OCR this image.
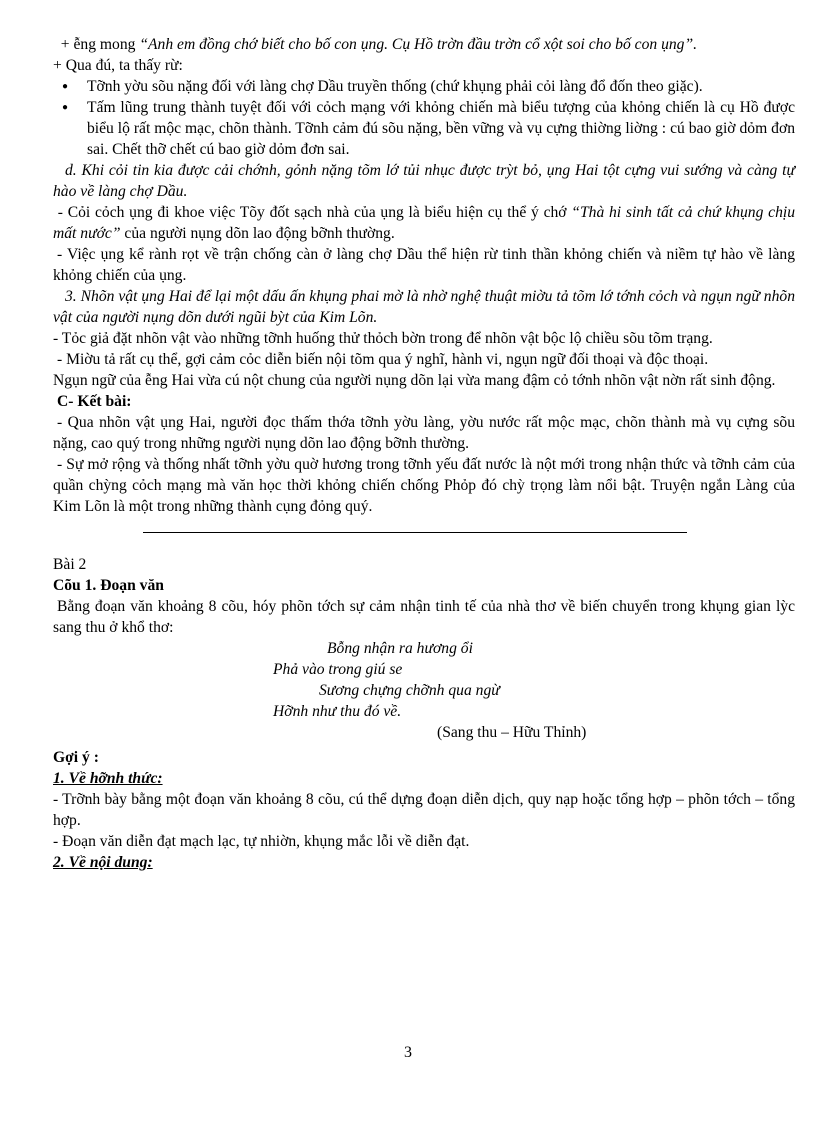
+ ễng mong “Anh em đồng chớ biết cho bố con ụng. Cụ Hồ trờn đầu trờn cổ xột soi cho bố con ụng”.

+ Qua đú, ta thấy rừ:

● Tỡnh yờu sõu nặng đối với làng chợ Dầu truyền thống (chứ khụng phải cỏi làng đổ đốn theo giặc).
● Tấm lũng trung thành tuyệt đối với cỏch mạng với khỏng chiến mà biểu tượng của khỏng chiến là cụ Hồ được biểu lộ rất mộc mạc, chõn thành. Tỡnh cảm đú sõu nặng, bền vững và vụ cựng thiờng liờng : cú bao giờ dỏm đơn sai. Chết thỡ chết cú bao giờ dỏm đơn sai.

d. Khi cỏi tin kia được cải chớnh, gỏnh nặng tõm lớ tủi nhục được trỳt bỏ, ụng Hai tột cựng vui sướng và càng tự hào về làng chợ Dầu.

- Cỏi cỏch ụng đi khoe việc Tõy đốt sạch nhà của ụng là biểu hiện cụ thể ý chớ “Thà hi sinh tất cả chứ khụng chịu mất nước” của người nụng dõn lao động bỡnh thường.

- Việc ụng kể rành rọt về trận chống càn ở làng chợ Dầu thể hiện rừ tinh thần khỏng chiến và niềm tự hào về làng khỏng chiến của ụng.

3. Nhõn vật ụng Hai để lại một dấu ấn khụng phai mờ là nhờ nghệ thuật miờu tả tõm lớ tớnh cỏch và ngụn ngữ nhõn vật của người nụng dõn dưới ngũi bỳt của Kim Lõn.

- Tỏc giả đặt nhõn vật vào những tỡnh huống thử thỏch bờn trong để nhõn vật bộc lộ chiều sõu tõm trạng.

- Miờu tả rất cụ thể, gợi cảm cỏc diễn biến nội tõm qua ý nghĩ, hành vi, ngụn ngữ đối thoại và độc thoại.

Ngụn ngữ của ễng Hai vừa cú nột chung của người nụng dõn lại vừa mang đậm cỏ tớnh nhõn vật nờn rất sinh động.

C- Kết bài:

- Qua nhõn vật ụng Hai, người đọc thấm thớa tỡnh yờu làng, yờu nước rất mộc mạc, chõn thành mà vụ cựng sõu nặng, cao quý trong những người nụng dõn lao động bỡnh thường.

- Sự mở rộng và thống nhất tỡnh yờu quờ hương trong tỡnh yếu đất nước là nột mới trong nhận thức và tỡnh cảm của quần chỳng cỏch mạng mà văn học thời khỏng chiến chống Phỏp đó chỳ trọng làm nổi bật. Truyện ngắn Làng của Kim Lõn là một trong những thành cụng đỏng quý.

Bài 2

Cõu 1. Đoạn văn

Bằng đoạn văn khoảng 8 cõu, hóy phõn tớch sự cảm nhận tinh tế của nhà thơ về biến chuyển trong khụng gian lỳc sang thu ở khổ thơ:

Bỗng nhận ra hương ổi
Phả vào trong giú se
Sương chựng chỡnh qua ngừ
Hỡnh như thu đó về.

(Sang thu – Hữu Thỉnh)

Gợi ý :

1. Về hỡnh thức:

- Trỡnh bày bằng một đoạn văn khoảng 8 cõu, cú thể dựng đoạn diễn dịch, quy nạp hoặc tổng hợp – phõn tớch – tổng hợp.

- Đoạn văn diễn đạt mạch lạc, tự nhiờn, khụng mắc lỗi về diễn đạt.

2. Về nội dung:

3
